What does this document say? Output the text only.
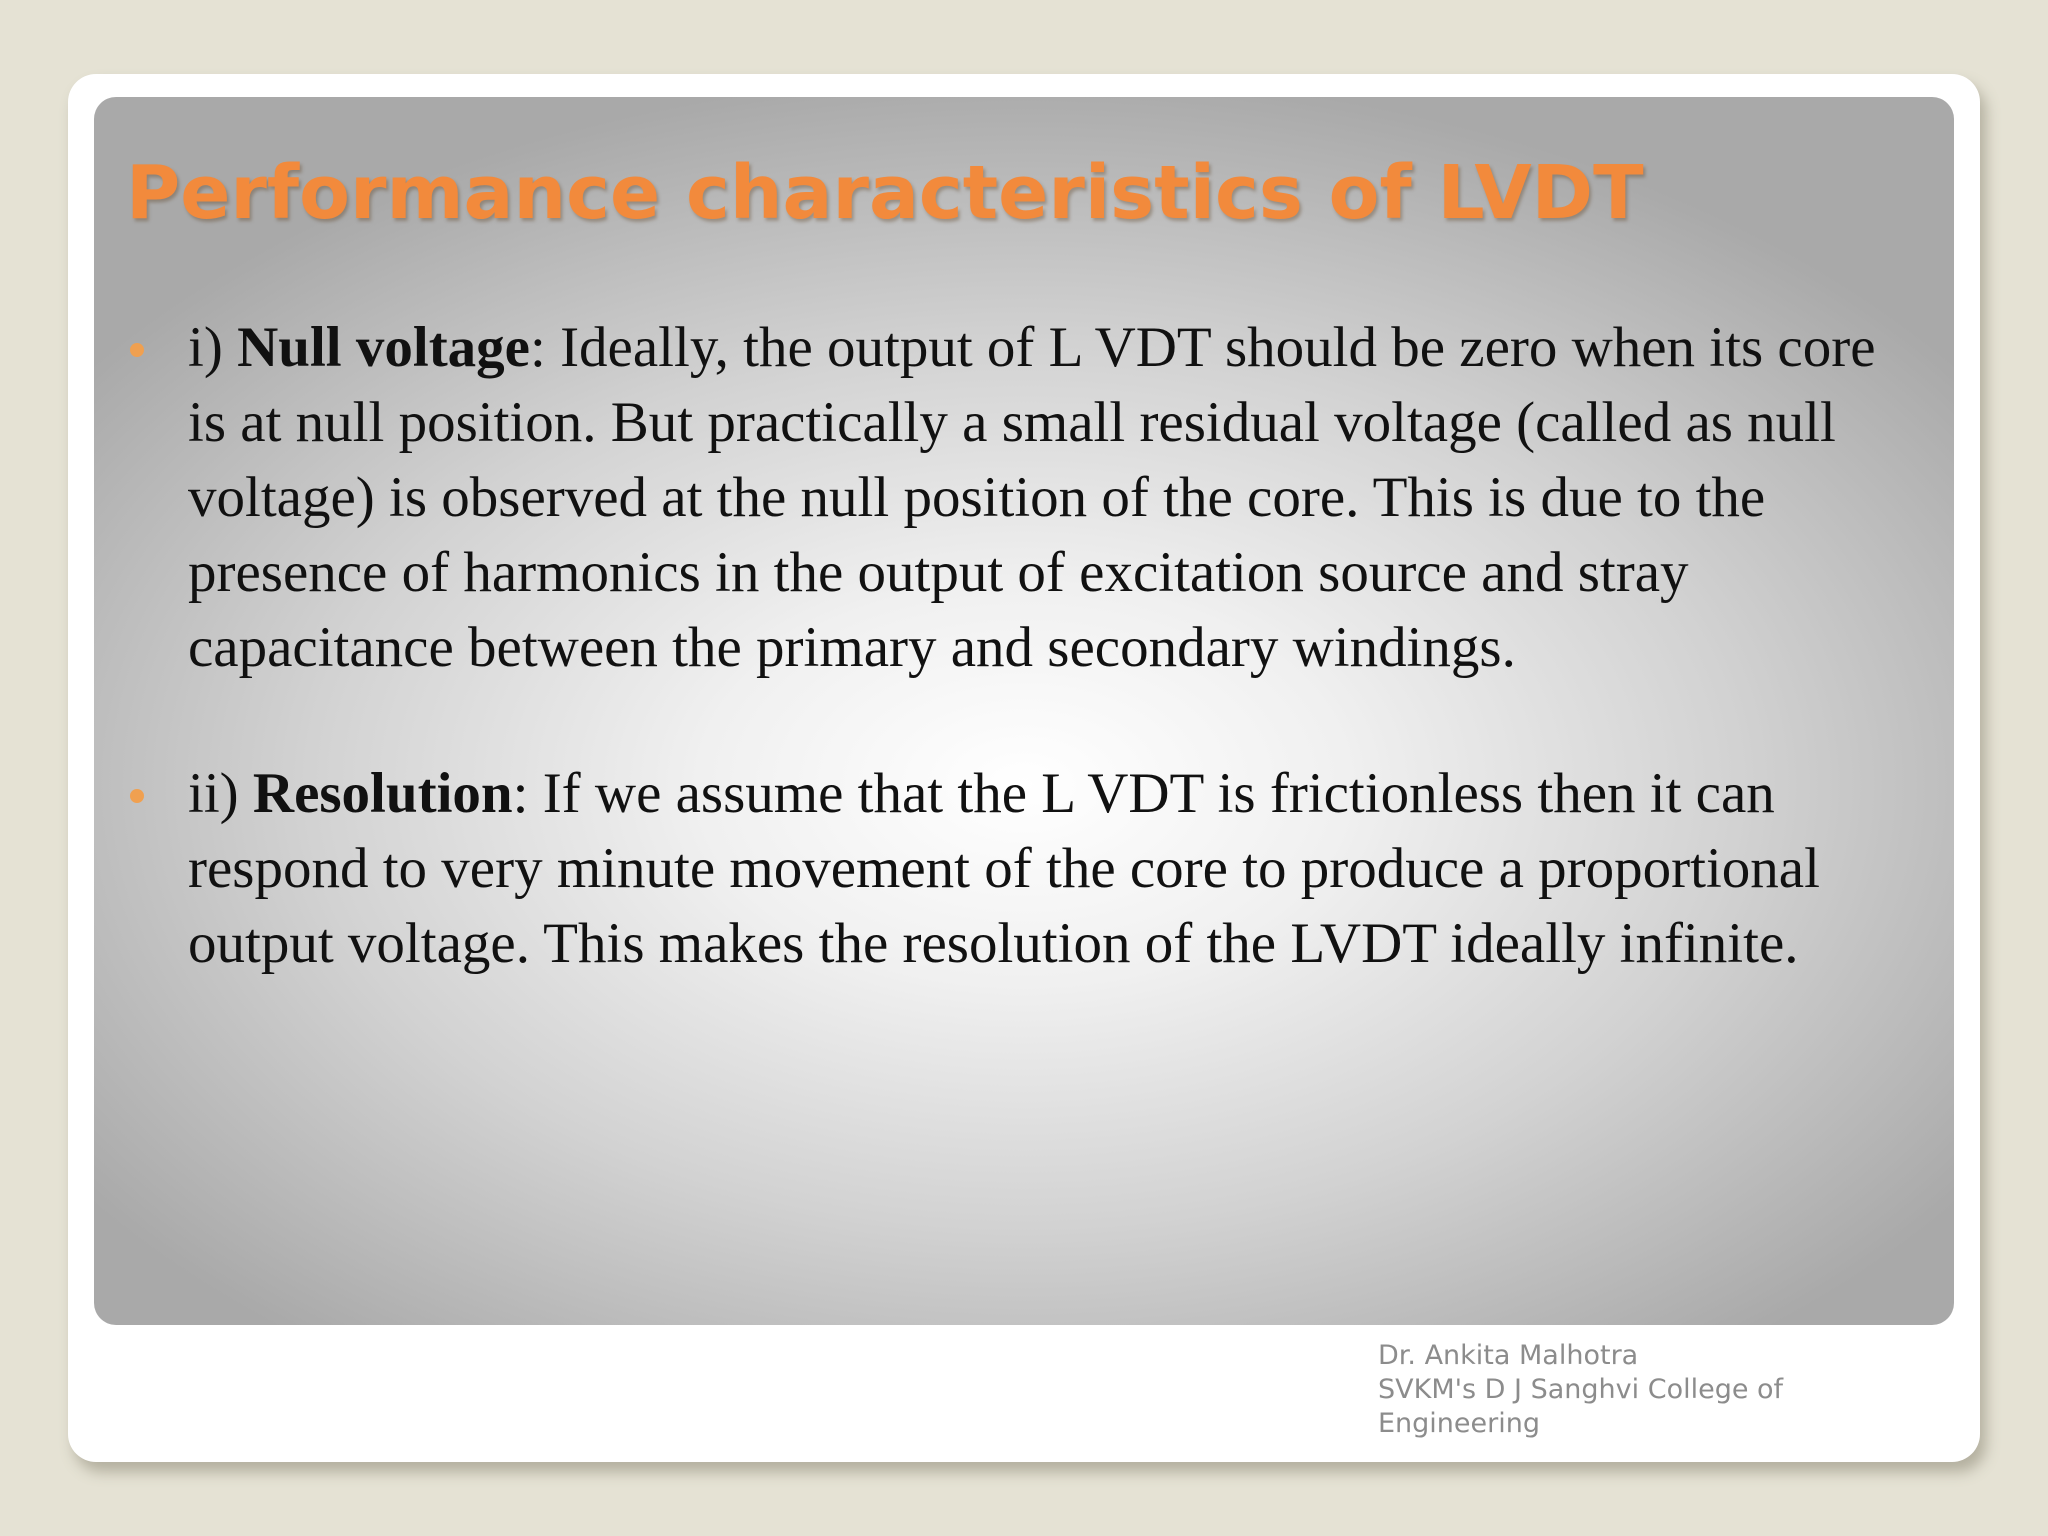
Performance characteristics of LVDT
i) Null voltage: Ideally, the output of L VDT should be zero when its core is at null position. But practically a small residual voltage (called as null voltage) is observed at the null position of the core. This is due to the presence of harmonics in the output of excitation source and stray capacitance between the primary and secondary windings.
ii) Resolution: If we assume that the L VDT is frictionless then it can respond to very minute movement of the core to produce a proportional output voltage. This makes the resolution of the LVDT ideally infinite.
Dr. Ankita Malhotra
SVKM's D J Sanghvi College of
Engineering
